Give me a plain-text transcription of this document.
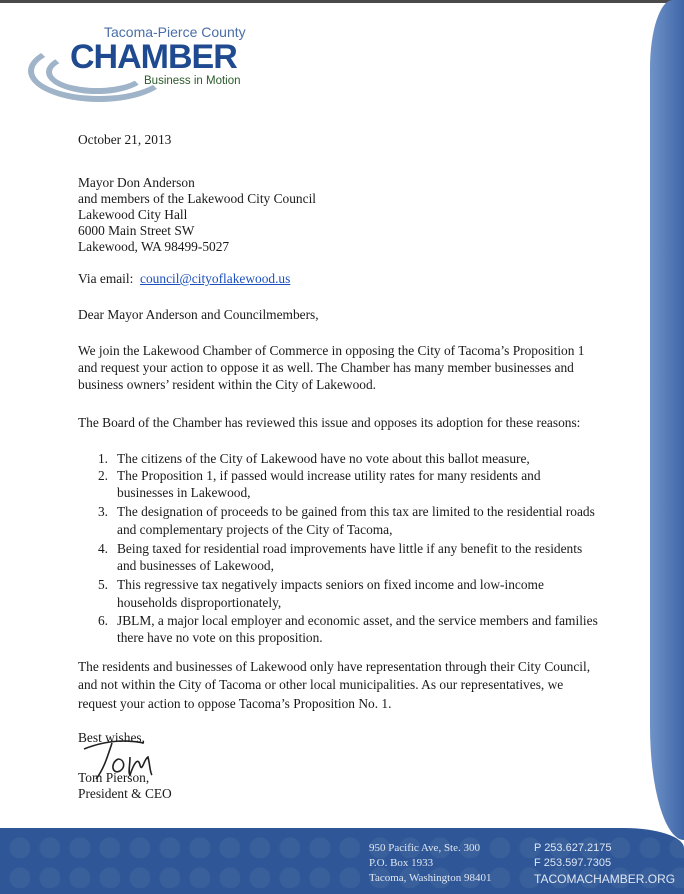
Tacoma-Pierce County
CHAMBER
Business in Motion
October 21, 2013
Mayor Don Anderson
and members of the Lakewood City Council
Lakewood City Hall
6000 Main Street SW
Lakewood, WA 98499-5027
Via email: council@cityoflakewood.us
Dear Mayor Anderson and Councilmembers,
We join the Lakewood Chamber of Commerce in opposing the City of Tacoma’s Proposition 1
and request your action to oppose it as well. The Chamber has many member businesses and
business owners’ resident within the City of Lakewood.
The Board of the Chamber has reviewed this issue and opposes its adoption for these reasons:
1. The citizens of the City of Lakewood have no vote about this ballot measure,
2. The Proposition 1, if passed would increase utility rates for many residents and
businesses in Lakewood,
3. The designation of proceeds to be gained from this tax are limited to the residential roads
and complementary projects of the City of Tacoma,
4. Being taxed for residential road improvements have little if any benefit to the residents
and businesses of Lakewood,
5. This regressive tax negatively impacts seniors on fixed income and low-income
households disproportionately,
6. JBLM, a major local employer and economic asset, and the service members and families
there have no vote on this proposition.
The residents and businesses of Lakewood only have representation through their City Council,
and not within the City of Tacoma or other local municipalities. As our representatives, we
request your action to oppose Tacoma’s Proposition No. 1.
Best wishes,
Tom Pierson,
President & CEO
950 Pacific Ave, Ste. 300
P.O. Box 1933
Tacoma, Washington 98401
P 253.627.2175
F 253.597.7305
TACOMACHAMBER.ORG
